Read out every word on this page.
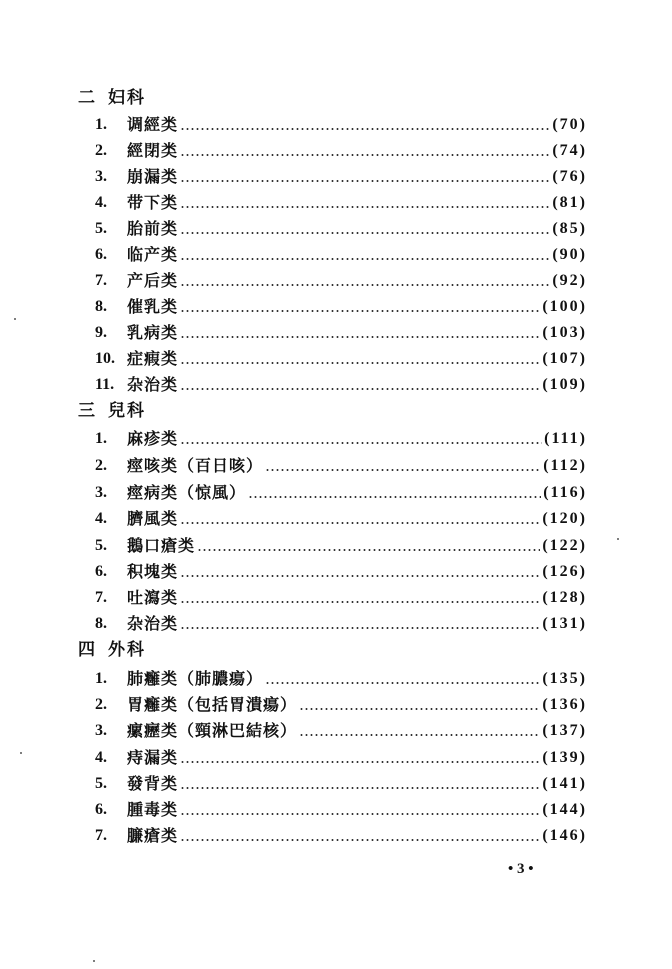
二 妇科
1.	调經类	(70)
2.	經閉类	(74)
3.	崩漏类	(76)
4.	带下类	(81)
5.	胎前类	(85)
6.	临产类	(90)
7.	产后类	(92)
8.	催乳类	(100)
9.	乳病类	(103)
10. 症瘕类	(107)
11. 杂治类	(109)
三 兒科
1.	麻疹类	(111)
2.	痙咳类（百日咳）	(112)
3.	痙病类（惊風）	(116)
4.	臍風类	(120)
5.	鵝口瘡类	(122)
6.	积塊类	(126)
7.	吐瀉类	(128)
8.	杂治类	(131)
四 外科
1.	肺癰类（肺膿瘍）	(135)
2.	胃癰类（包括胃潰瘍）	(136)
3.	瘰癧类（頸淋巴結核）	(137)
4.	痔漏类	(139)
5.	發背类	(141)
6.	腫毒类	(144)
7.	臁瘡类	(146)
• 3 •
